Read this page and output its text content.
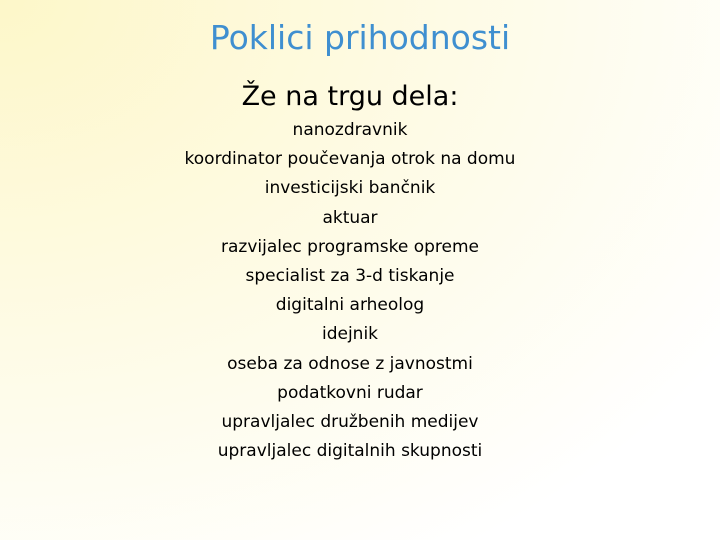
Poklici prihodnosti
Že na trgu dela:
nanozdravnik
koordinator poučevanja otrok na domu
investicijski bančnik
aktuar
razvijalec programske opreme
specialist za 3-d tiskanje
digitalni arheolog
idejnik
oseba za odnose z javnostmi
podatkovni rudar
upravljalec družbenih medijev
upravljalec digitalnih skupnosti
